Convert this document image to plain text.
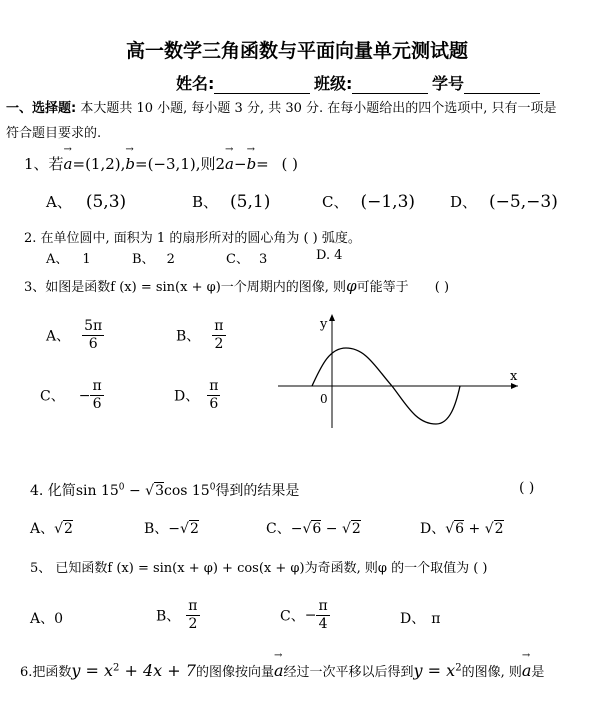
高一数学三角函数与平面向量单元测试题
姓名:	班级:	学号
一、选择题: 本大题共 10 小题, 每小题 3 分, 共 30 分. 在每小题给出的四个选项中, 只有一项是
符合题目要求的.
1、若→ a=(1,2),→ b=(−3,1),则2→ a−→ b= ( )
A、 (5,3)	B、 (5,1)	C、 (−1,3) D、 (−5,−3)
2. 在单位圆中, 面积为 1 的扇形所对的圆心角为 ( ) 弧度。
A、 1	B、 2	C、 3	D. 4
3、如图是函数f (x) = sin(x + φ)一个周期内的图像, 则φ可能等于 ( )
A、 $\frac{5\pi}{6}$	B、 $\frac{\pi}{2}$
C、 − $\frac{\pi}{6}$	D、 $\frac{\pi}{6}$
y
x
0
4. 化简$\sin 15^0 - √3\cos$ $15^0$得到的结果是	( )
A、√2	B、−√2	C、−√6 − √2	D、√6 + √2
5、 已知函数f (x) = sin(x + φ) + cos(x + φ)为奇函数, 则φ 的一个取值为 ( )
A、0	B、 $\frac{\pi}{2}$	C、− $\frac{\pi}{4}$	D、 π
6.把函数$y = x^2 + 4x + 7$的图像按向量→ a经过一次平移以后得到$y = x^2$的图像, 则→ a是
